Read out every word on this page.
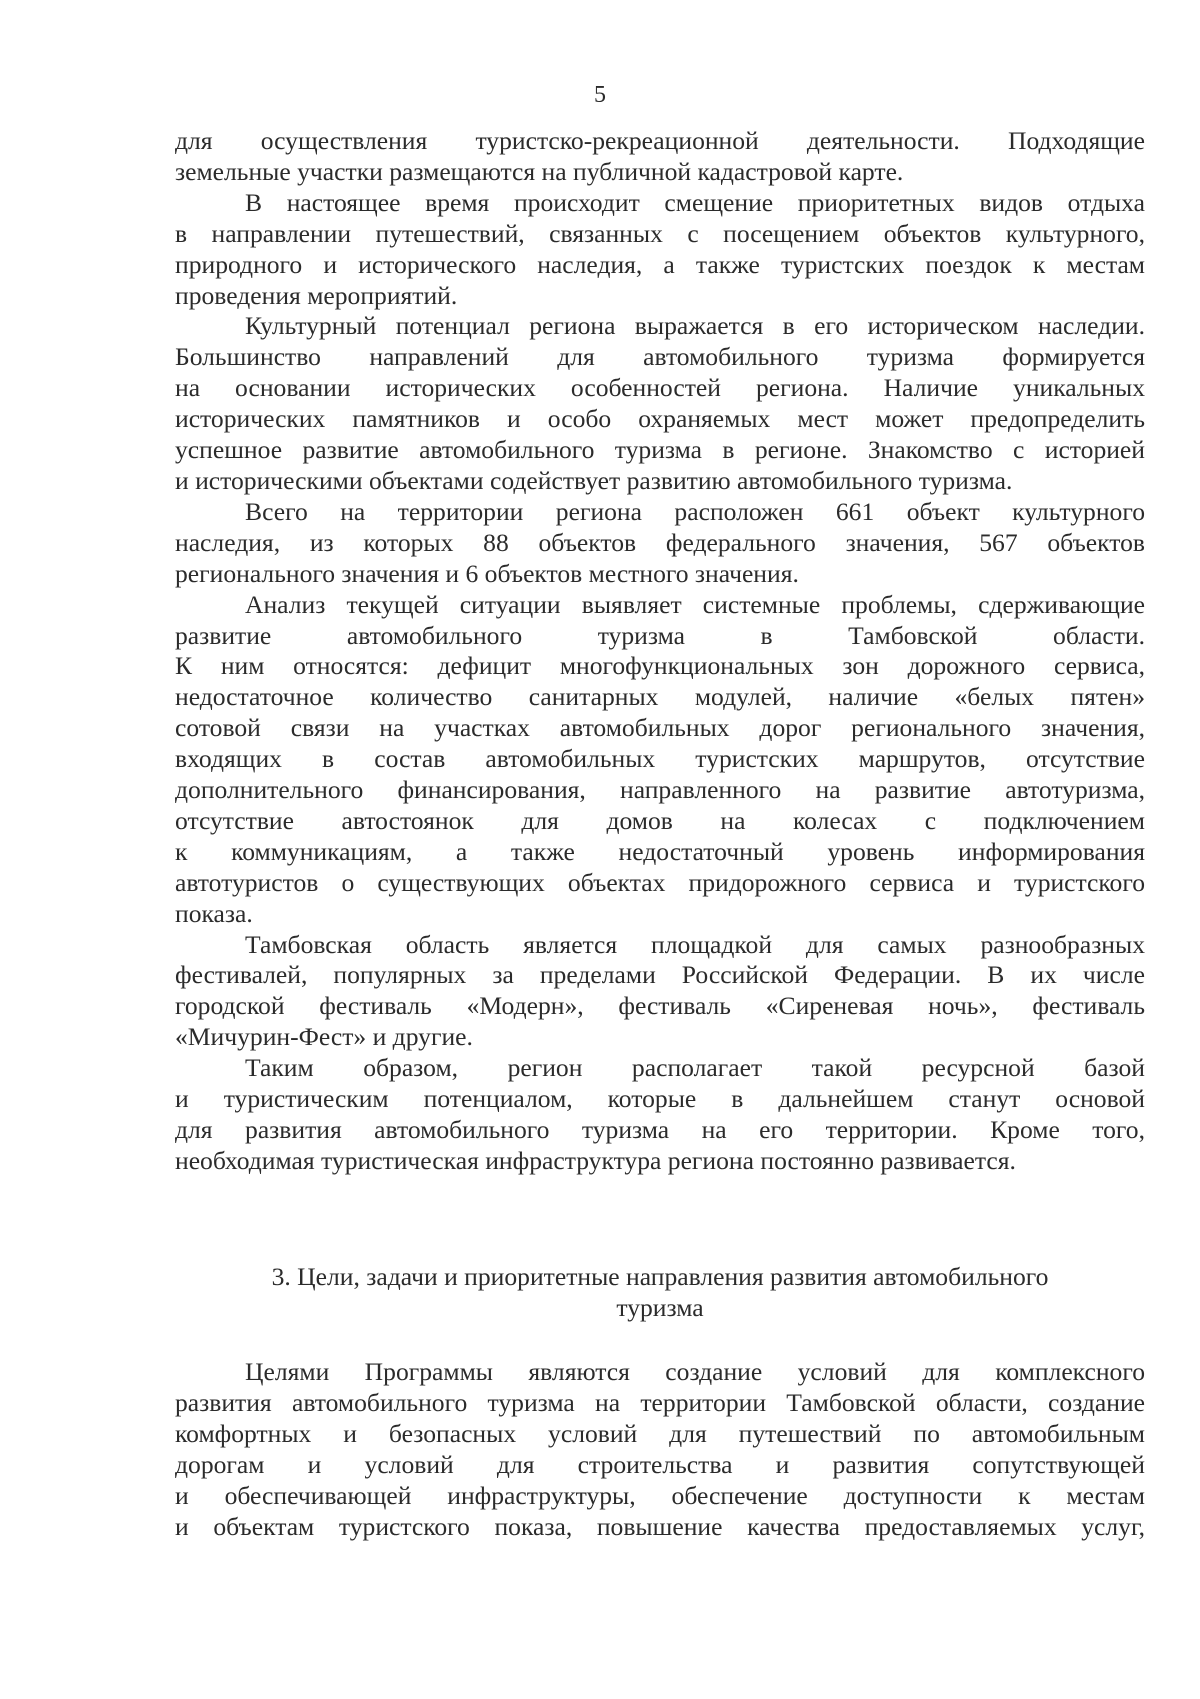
5
для осуществления туристско-рекреационной деятельности. Подходящие
земельные участки размещаются на публичной кадастровой карте.
В настоящее время происходит смещение приоритетных видов отдыха
в направлении путешествий, связанных с посещением объектов культурного,
природного и исторического наследия, а также туристских поездок к местам
проведения мероприятий.
Культурный потенциал региона выражается в его историческом наследии.
Большинство направлений для автомобильного туризма формируется
на основании исторических особенностей региона. Наличие уникальных
исторических памятников и особо охраняемых мест может предопределить
успешное развитие автомобильного туризма в регионе. Знакомство с историей
и историческими объектами содействует развитию автомобильного туризма.
Всего на территории региона расположен 661 объект культурного
наследия, из которых 88 объектов федерального значения, 567 объектов
регионального значения и 6 объектов местного значения.
Анализ текущей ситуации выявляет системные проблемы, сдерживающие
развитие автомобильного туризма в Тамбовской области.
К ним относятся: дефицит многофункциональных зон дорожного сервиса,
недостаточное количество санитарных модулей, наличие «белых пятен»
сотовой связи на участках автомобильных дорог регионального значения,
входящих в состав автомобильных туристских маршрутов, отсутствие
дополнительного финансирования, направленного на развитие автотуризма,
отсутствие автостоянок для домов на колесах с подключением
к коммуникациям, а также недостаточный уровень информирования
автотуристов о существующих объектах придорожного сервиса и туристского
показа.
Тамбовская область является площадкой для самых разнообразных
фестивалей, популярных за пределами Российской Федерации. В их числе
городской фестиваль «Модерн», фестиваль «Сиреневая ночь», фестиваль
«Мичурин-Фест» и другие.
Таким образом, регион располагает такой ресурсной базой
и туристическим потенциалом, которые в дальнейшем станут основой
для развития автомобильного туризма на его территории. Кроме того,
необходимая туристическая инфраструктура региона постоянно развивается.
3. Цели, задачи и приоритетные направления развития автомобильного
туризма
Целями Программы являются создание условий для комплексного
развития автомобильного туризма на территории Тамбовской области, создание
комфортных и безопасных условий для путешествий по автомобильным
дорогам и условий для строительства и развития сопутствующей
и обеспечивающей инфраструктуры, обеспечение доступности к местам
и объектам туристского показа, повышение качества предоставляемых услуг,
